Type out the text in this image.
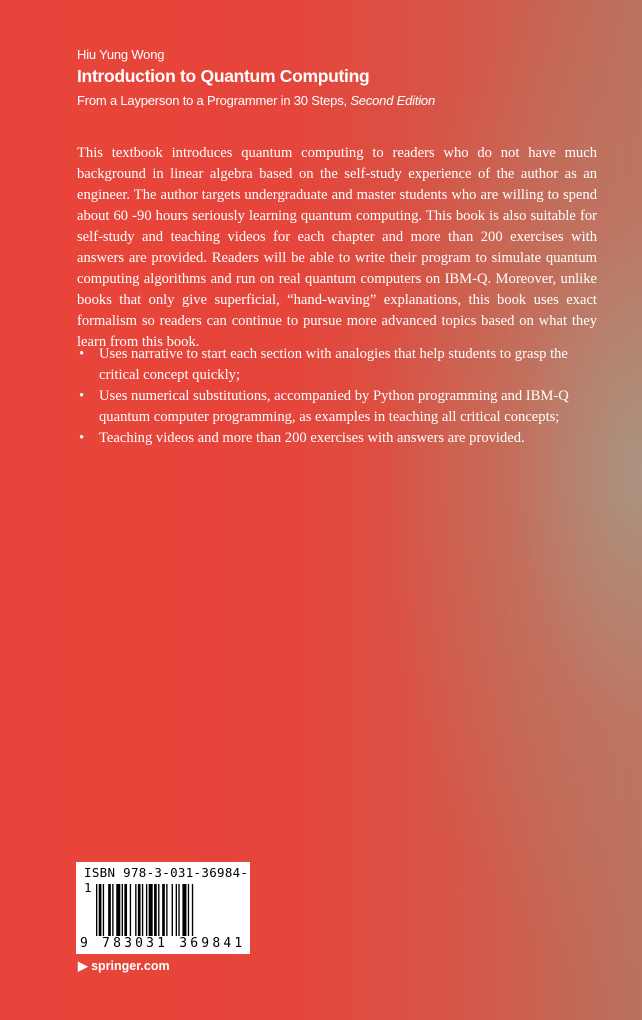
Hiu Yung Wong
Introduction to Quantum Computing
From a Layperson to a Programmer in 30 Steps, Second Edition
This textbook introduces quantum computing to readers who do not have much background in linear algebra based on the self-study experience of the author as an engineer. The author targets undergraduate and master students who are willing to spend about 60 -90 hours seriously learning quantum computing. This book is also suitable for self-study and teaching videos for each chapter and more than 200 exercises with answers are provided. Readers will be able to write their program to simulate quantum computing algorithms and run on real quantum computers on IBM-Q. Moreover, unlike books that only give superficial, “hand-waving” explanations, this book uses exact formalism so readers can continue to pursue more advanced topics based on what they learn from this book.
• Uses narrative to start each section with analogies that help students to grasp the critical concept quickly;
• Uses numerical substitutions, accompanied by Python programming and IBM-Q quantum computer programming, as examples in teaching all critical concepts;
• Teaching videos and more than 200 exercises with answers are provided.
ISBN 978-3-031-36984-1
9 783031 369841
▶ springer.com
